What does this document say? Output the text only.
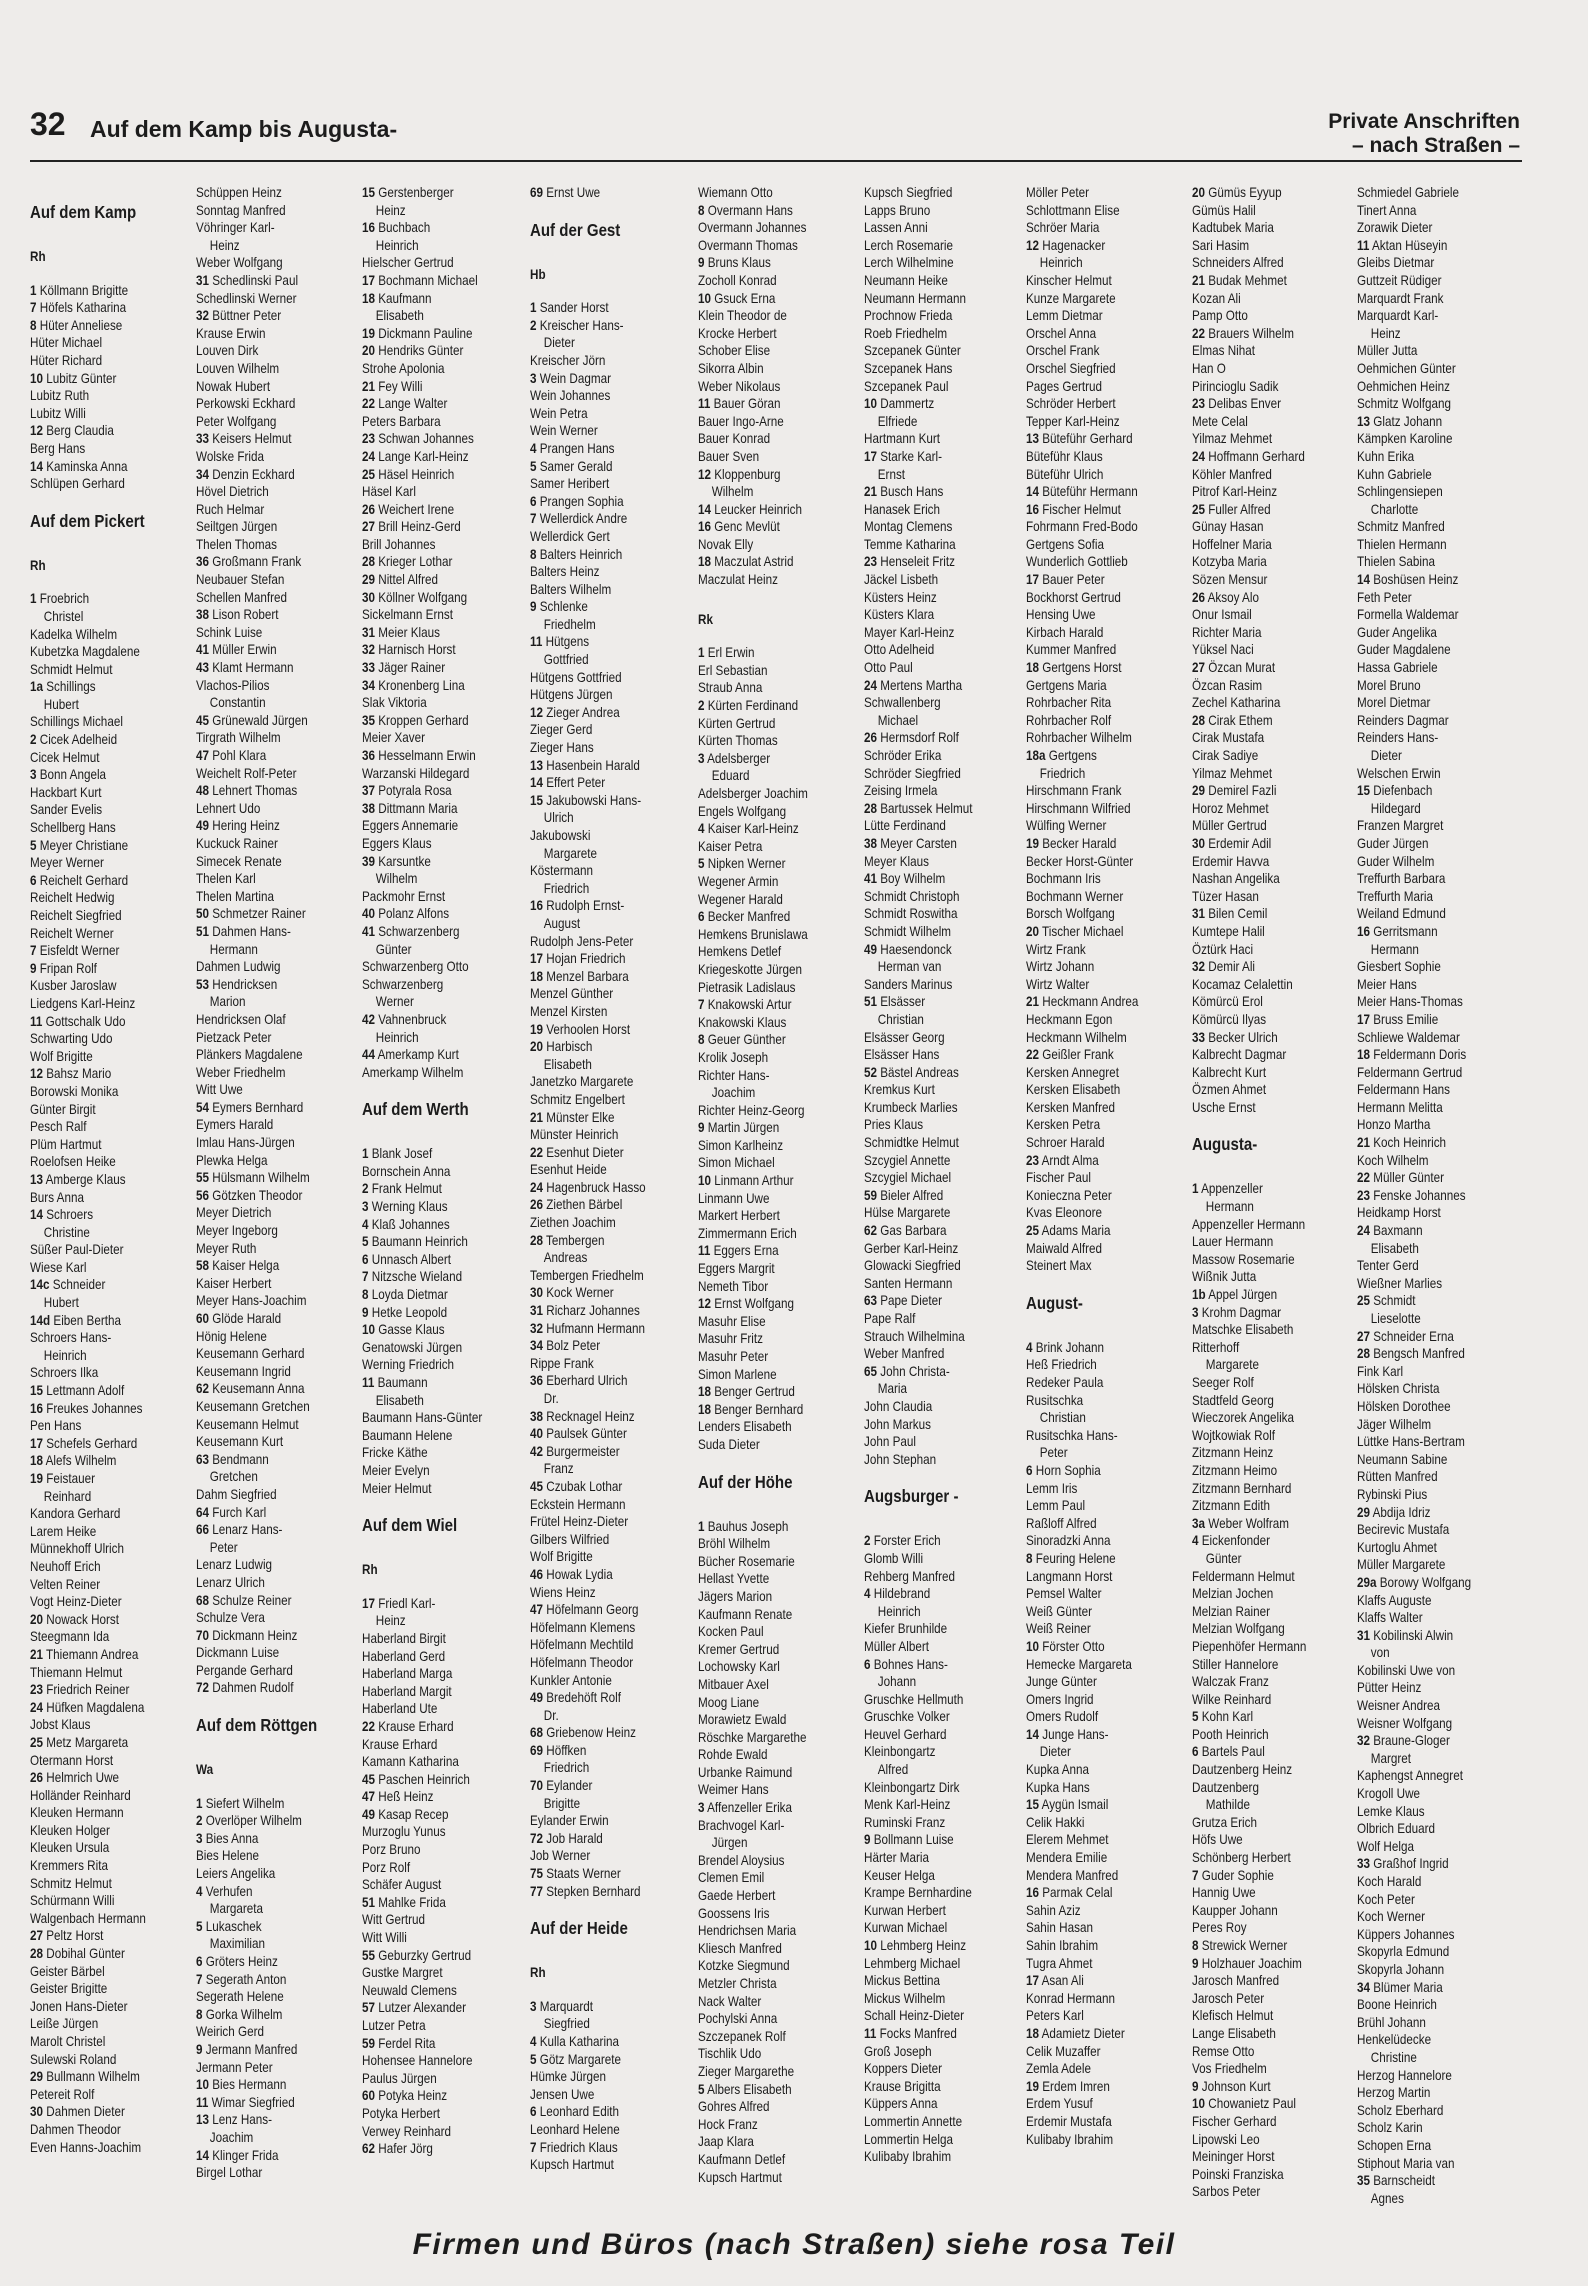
32 Auf dem Kamp bis Augusta-	Private Anschriften
– nach Straßen –
Auf dem Kamp
Rh
1 Köllmann Brigitte
7 Höfels Katharina
8 Hüter Anneliese
Hüter Michael
Hüter Richard
10 Lubitz Günter
Lubitz Ruth
Lubitz Willi
12 Berg Claudia
Berg Hans
14 Kaminska Anna
Schlüpen Gerhard
Auf dem Pickert
Rh
1 Froebrich
Christel
Kadelka Wilhelm
Kubetzka Magdalene
Schmidt Helmut
1a Schillings
Hubert
Schillings Michael
2 Cicek Adelheid
Cicek Helmut
3 Bonn Angela
Hackbart Kurt
Sander Evelis
Schellberg Hans
5 Meyer Christiane
Meyer Werner
6 Reichelt Gerhard
Reichelt Hedwig
Reichelt Siegfried
Reichelt Werner
7 Eisfeldt Werner
9 Fripan Rolf
Kusber Jaroslaw
Liedgens Karl-Heinz
11 Gottschalk Udo
Schwarting Udo
Wolf Brigitte
12 Bahsz Mario
Borowski Monika
Günter Birgit
Pesch Ralf
Plüm Hartmut
Roelofsen Heike
13 Amberge Klaus
Burs Anna
14 Schroers
Christine
Süßer Paul-Dieter
Wiese Karl
14c Schneider
Hubert
14d Eiben Bertha
Schroers Hans-
Heinrich
Schroers Ilka
15 Lettmann Adolf
16 Freukes Johannes
Pen Hans
17 Schefels Gerhard
18 Alefs Wilhelm
19 Feistauer
Reinhard
Kandora Gerhard
Larem Heike
Münnekhoff Ulrich
Neuhoff Erich
Velten Reiner
Vogt Heinz-Dieter
20 Nowack Horst
Steegmann Ida
21 Thiemann Andrea
Thiemann Helmut
23 Friedrich Reiner
24 Hüfken Magdalena
Jobst Klaus
25 Metz Margareta
Otermann Horst
26 Helmrich Uwe
Holländer Reinhard
Kleuken Hermann
Kleuken Holger
Kleuken Ursula
Kremmers Rita
Schmitz Helmut
Schürmann Willi
Walgenbach Hermann
27 Peltz Horst
28 Dobihal Günter
Geister Bärbel
Geister Brigitte
Jonen Hans-Dieter
Leiße Jürgen
Marolt Christel
Sulewski Roland
29 Bullmann Wilhelm
Petereit Rolf
30 Dahmen Dieter
Dahmen Theodor
Even Hanns-Joachim
Schüppen Heinz
Sonntag Manfred
Vöhringer Karl-
Heinz
Weber Wolfgang
31 Schedlinski Paul
Schedlinski Werner
32 Büttner Peter
Krause Erwin
Louven Dirk
Louven Wilhelm
Nowak Hubert
Perkowski Eckhard
Peter Wolfgang
33 Keisers Helmut
Wolske Frida
34 Denzin Eckhard
Hövel Dietrich
Ruch Helmar
Seiltgen Jürgen
Thelen Thomas
36 Großmann Frank
Neubauer Stefan
Schellen Manfred
38 Lison Robert
Schink Luise
41 Müller Erwin
43 Klamt Hermann
Vlachos-Pilios
Constantin
45 Grünewald Jürgen
Tirgrath Wilhelm
47 Pohl Klara
Weichelt Rolf-Peter
48 Lehnert Thomas
Lehnert Udo
49 Hering Heinz
Kuckuck Rainer
Simecek Renate
Thelen Karl
Thelen Martina
50 Schmetzer Rainer
51 Dahmen Hans-
Hermann
Dahmen Ludwig
53 Hendricksen
Marion
Hendricksen Olaf
Pietzack Peter
Plänkers Magdalene
Weber Friedhelm
Witt Uwe
54 Eymers Bernhard
Eymers Harald
Imlau Hans-Jürgen
Plewka Helga
55 Hülsmann Wilhelm
56 Götzken Theodor
Meyer Dietrich
Meyer Ingeborg
Meyer Ruth
58 Kaiser Helga
Kaiser Herbert
Meyer Hans-Joachim
60 Glöde Harald
Hönig Helene
Keusemann Gerhard
Keusemann Ingrid
62 Keusemann Anna
Keusemann Gretchen
Keusemann Helmut
Keusemann Kurt
63 Bendmann
Gretchen
Dahm Siegfried
64 Furch Karl
66 Lenarz Hans-
Peter
Lenarz Ludwig
Lenarz Ulrich
68 Schulze Reiner
Schulze Vera
70 Dickmann Heinz
Dickmann Luise
Pergande Gerhard
72 Dahmen Rudolf
Auf dem Röttgen
Wa
1 Siefert Wilhelm
2 Overlöper Wilhelm
3 Bies Anna
Bies Helene
Leiers Angelika
4 Verhufen
Margareta
5 Lukaschek
Maximilian
6 Gröters Heinz
7 Segerath Anton
Segerath Helene
8 Gorka Wilhelm
Weirich Gerd
9 Jermann Manfred
Jermann Peter
10 Bies Hermann
11 Wimar Siegfried
13 Lenz Hans-
Joachim
14 Klinger Frida
Birgel Lothar
15 Gerstenberger
Heinz
16 Buchbach
Heinrich
Hielscher Gertrud
17 Bochmann Michael
18 Kaufmann
Elisabeth
19 Dickmann Pauline
20 Hendriks Günter
Strohe Apolonia
21 Fey Willi
22 Lange Walter
Peters Barbara
23 Schwan Johannes
24 Lange Karl-Heinz
25 Häsel Heinrich
Häsel Karl
26 Weichert Irene
27 Brill Heinz-Gerd
Brill Johannes
28 Krieger Lothar
29 Nittel Alfred
30 Köllner Wolfgang
Sickelmann Ernst
31 Meier Klaus
32 Harnisch Horst
33 Jäger Rainer
34 Kronenberg Lina
Slak Viktoria
35 Kroppen Gerhard
Meier Xaver
36 Hesselmann Erwin
Warzanski Hildegard
37 Potyrala Rosa
38 Dittmann Maria
Eggers Annemarie
Eggers Klaus
39 Karsuntke
Wilhelm
Packmohr Ernst
40 Polanz Alfons
41 Schwarzenberg
Günter
Schwarzenberg Otto
Schwarzenberg
Werner
42 Vahnenbruck
Heinrich
44 Amerkamp Kurt
Amerkamp Wilhelm
Auf dem Werth
1 Blank Josef
Bornschein Anna
2 Frank Helmut
3 Werning Klaus
4 Klaß Johannes
5 Baumann Heinrich
6 Unnasch Albert
7 Nitzsche Wieland
8 Loyda Dietmar
9 Hetke Leopold
10 Gasse Klaus
Genatowski Jürgen
Werning Friedrich
11 Baumann
Elisabeth
Baumann Hans-Günter
Baumann Helene
Fricke Käthe
Meier Evelyn
Meier Helmut
Auf dem Wiel
Rh
17 Friedl Karl-
Heinz
Haberland Birgit
Haberland Gerd
Haberland Marga
Haberland Margit
Haberland Ute
22 Krause Erhard
Krause Erhard
Kamann Katharina
45 Paschen Heinrich
47 Heß Heinz
49 Kasap Recep
Murzoglu Yunus
Porz Bruno
Porz Rolf
Schäfer August
51 Mahlke Frida
Witt Gertrud
Witt Willi
55 Geburzky Gertrud
Gustke Margret
Neuwald Clemens
57 Lutzer Alexander
Lutzer Petra
59 Ferdel Rita
Hohensee Hannelore
Paulus Jürgen
60 Potyka Heinz
Potyka Herbert
Verwey Reinhard
62 Hafer Jörg
69 Ernst Uwe
Auf der Gest
Hb
1 Sander Horst
2 Kreischer Hans-
Dieter
Kreischer Jörn
3 Wein Dagmar
Wein Johannes
Wein Petra
Wein Werner
4 Prangen Hans
5 Samer Gerald
Samer Heribert
6 Prangen Sophia
7 Wellerdick Andre
Wellerdick Gert
8 Balters Heinrich
Balters Heinz
Balters Wilhelm
9 Schlenke
Friedhelm
11 Hütgens
Gottfried
Hütgens Gottfried
Hütgens Jürgen
12 Zieger Andrea
Zieger Gerd
Zieger Hans
13 Hasenbein Harald
14 Effert Peter
15 Jakubowski Hans-
Ulrich
Jakubowski
Margarete
Köstermann
Friedrich
16 Rudolph Ernst-
August
Rudolph Jens-Peter
17 Hojan Friedrich
18 Menzel Barbara
Menzel Günther
Menzel Kirsten
19 Verhoolen Horst
20 Harbisch
Elisabeth
Janetzko Margarete
Schmitz Engelbert
21 Münster Elke
Münster Heinrich
22 Esenhut Dieter
Esenhut Heide
24 Hagenbruck Hasso
26 Ziethen Bärbel
Ziethen Joachim
28 Tembergen
Andreas
Tembergen Friedhelm
30 Kock Werner
31 Richarz Johannes
32 Hufmann Hermann
34 Bolz Peter
Rippe Frank
36 Eberhard Ulrich
Dr.
38 Recknagel Heinz
40 Paulsek Günter
42 Burgermeister
Franz
45 Czubak Lothar
Eckstein Hermann
Frütel Heinz-Dieter
Gilbers Wilfried
Wolf Brigitte
46 Howak Lydia
Wiens Heinz
47 Höfelmann Georg
Höfelmann Klemens
Höfelmann Mechtild
Höfelmann Theodor
Kunkler Antonie
49 Bredehöft Rolf
Dr.
68 Griebenow Heinz
69 Höffken
Friedrich
70 Eylander
Brigitte
Eylander Erwin
72 Job Harald
Job Werner
75 Staats Werner
77 Stepken Bernhard
Auf der Heide
Rh
3 Marquardt
Siegfried
4 Kulla Katharina
5 Götz Margarete
Hümke Jürgen
Jensen Uwe
6 Leonhard Edith
Leonhard Helene
7 Friedrich Klaus
Kupsch Hartmut
Wiemann Otto
8 Overmann Hans
Overmann Johannes
Overmann Thomas
9 Bruns Klaus
Zocholl Konrad
10 Gsuck Erna
Klein Theodor de
Krocke Herbert
Schober Elise
Sikorra Albin
Weber Nikolaus
11 Bauer Göran
Bauer Ingo-Arne
Bauer Konrad
Bauer Sven
12 Kloppenburg
Wilhelm
14 Leucker Heinrich
16 Genc Mevlüt
Novak Elly
18 Maczulat Astrid
Maczulat Heinz
Rk
1 Erl Erwin
Erl Sebastian
Straub Anna
2 Kürten Ferdinand
Kürten Gertrud
Kürten Thomas
3 Adelsberger
Eduard
Adelsberger Joachim
Engels Wolfgang
4 Kaiser Karl-Heinz
Kaiser Petra
5 Nipken Werner
Wegener Armin
Wegener Harald
6 Becker Manfred
Hemkens Brunislawa
Hemkens Detlef
Kriegeskotte Jürgen
Pietrasik Ladislaus
7 Knakowski Artur
Knakowski Klaus
8 Geuer Günther
Krolik Joseph
Richter Hans-
Joachim
Richter Heinz-Georg
9 Martin Jürgen
Simon Karlheinz
Simon Michael
10 Linmann Arthur
Linmann Uwe
Markert Herbert
Zimmermann Erich
11 Eggers Erna
Eggers Margrit
Nemeth Tibor
12 Ernst Wolfgang
Masuhr Elise
Masuhr Fritz
Masuhr Peter
Simon Marlene
18 Benger Gertrud
18 Benger Bernhard
Lenders Elisabeth
Suda Dieter
Auf der Höhe
1 Bauhus Joseph
Bröhl Wilhelm
Bücher Rosemarie
Hellast Yvette
Jägers Marion
Kaufmann Renate
Kocken Paul
Kremer Gertrud
Lochowsky Karl
Mitbauer Axel
Moog Liane
Morawietz Ewald
Röschke Margarethe
Rohde Ewald
Urbanke Raimund
Weimer Hans
3 Affenzeller Erika
Brachvogel Karl-
Jürgen
Brendel Aloysius
Clemen Emil
Gaede Herbert
Goossens Iris
Hendrichsen Maria
Kliesch Manfred
Kotzke Siegmund
Metzler Christa
Nack Walter
Pochylski Anna
Szczepanek Rolf
Tischlik Udo
Zieger Margarethe
5 Albers Elisabeth
Gohres Alfred
Hock Franz
Jaap Klara
Kaufmann Detlef
Kupsch Hartmut
Kupsch Siegfried
Lapps Bruno
Lassen Anni
Lerch Rosemarie
Lerch Wilhelmine
Neumann Heike
Neumann Hermann
Prochnow Frieda
Roeb Friedhelm
Szcepanek Günter
Szcepanek Hans
Szcepanek Paul
10 Dammertz
Elfriede
Hartmann Kurt
17 Starke Karl-
Ernst
21 Busch Hans
Hanasek Erich
Montag Clemens
Temme Katharina
23 Henseleit Fritz
Jäckel Lisbeth
Küsters Heinz
Küsters Klara
Mayer Karl-Heinz
Otto Adelheid
Otto Paul
24 Mertens Martha
Schwallenberg
Michael
26 Hermsdorf Rolf
Schröder Erika
Schröder Siegfried
Zeising Irmela
28 Bartussek Helmut
Lütte Ferdinand
38 Meyer Carsten
Meyer Klaus
41 Boy Wilhelm
Schmidt Christoph
Schmidt Roswitha
Schmidt Wilhelm
49 Haesendonck
Herman van
Sanders Marinus
51 Elsässer
Christian
Elsässer Georg
Elsässer Hans
52 Bästel Andreas
Kremkus Kurt
Krumbeck Marlies
Pries Klaus
Schmidtke Helmut
Szcygiel Annette
Szcygiel Michael
59 Bieler Alfred
Hülse Margarete
62 Gas Barbara
Gerber Karl-Heinz
Glowacki Siegfried
Santen Hermann
63 Pape Dieter
Pape Ralf
Strauch Wilhelmina
Weber Manfred
65 John Christa-
Maria
John Claudia
John Markus
John Paul
John Stephan
Augsburger -
2 Forster Erich
Glomb Willi
Rehberg Manfred
4 Hildebrand
Heinrich
Kiefer Brunhilde
Müller Albert
6 Bohnes Hans-
Johann
Gruschke Hellmuth
Gruschke Volker
Heuvel Gerhard
Kleinbongartz
Alfred
Kleinbongartz Dirk
Menk Karl-Heinz
Ruminski Franz
9 Bollmann Luise
Härter Maria
Keuser Helga
Krampe Bernhardine
Kurwan Herbert
Kurwan Michael
10 Lehmberg Heinz
Lehmberg Michael
Mickus Bettina
Mickus Wilhelm
Schall Heinz-Dieter
11 Focks Manfred
Groß Joseph
Koppers Dieter
Krause Brigitta
Küppers Anna
Lommertin Annette
Lommertin Helga
Kulibaby Ibrahim
Möller Peter
Schlottmann Elise
Schröer Maria
12 Hagenacker
Heinrich
Kinscher Helmut
Kunze Margarete
Lemm Dietmar
Orschel Anna
Orschel Frank
Orschel Siegfried
Pages Gertrud
Schröder Herbert
Tepper Karl-Heinz
13 Büteführ Gerhard
Büteführ Klaus
Büteführ Ulrich
14 Büteführ Hermann
16 Fischer Helmut
Fohrmann Fred-Bodo
Gertgens Sofia
Wunderlich Gottlieb
17 Bauer Peter
Bockhorst Gertrud
Hensing Uwe
Kirbach Harald
Kummer Manfred
18 Gertgens Horst
Gertgens Maria
Rohrbacher Rita
Rohrbacher Rolf
Rohrbacher Wilhelm
18a Gertgens
Friedrich
Hirschmann Frank
Hirschmann Wilfried
Wülfing Werner
19 Becker Harald
Becker Horst-Günter
Bochmann Iris
Bochmann Werner
Borsch Wolfgang
20 Tischer Michael
Wirtz Frank
Wirtz Johann
Wirtz Walter
21 Heckmann Andrea
Heckmann Egon
Heckmann Wilhelm
22 Geißler Frank
Kersken Annegret
Kersken Elisabeth
Kersken Manfred
Kersken Petra
Schroer Harald
23 Arndt Alma
Fischer Paul
Konieczna Peter
Kvas Eleonore
25 Adams Maria
Maiwald Alfred
Steinert Max
August-
4 Brink Johann
Heß Friedrich
Redeker Paula
Rusitschka
Christian
Rusitschka Hans-
Peter
6 Horn Sophia
Lemm Iris
Lemm Paul
Raßloff Alfred
Sinoradzki Anna
8 Feuring Helene
Langmann Horst
Pemsel Walter
Weiß Günter
Weiß Reiner
10 Förster Otto
Hemecke Margareta
Junge Günter
Omers Ingrid
Omers Rudolf
14 Junge Hans-
Dieter
Kupka Anna
Kupka Hans
15 Aygün Ismail
Celik Hakki
Elerem Mehmet
Mendera Emilie
Mendera Manfred
16 Parmak Celal
Sahin Aziz
Sahin Hasan
Sahin Ibrahim
Tugra Ahmet
17 Asan Ali
Konrad Hermann
Peters Karl
18 Adamietz Dieter
Celik Muzaffer
Zemla Adele
19 Erdem Imren
Erdem Yusuf
Erdemir Mustafa
Kulibaby Ibrahim
20 Gümüs Eyyup
Gümüs Halil
Kadtubek Maria
Sari Hasim
Schneiders Alfred
21 Budak Mehmet
Kozan Ali
Pamp Otto
22 Brauers Wilhelm
Elmas Nihat
Han O
Pirincioglu Sadik
23 Delibas Enver
Mete Celal
Yilmaz Mehmet
24 Hoffmann Gerhard
Köhler Manfred
Pitrof Karl-Heinz
25 Fuller Alfred
Günay Hasan
Hoffelner Maria
Kotzyba Maria
Sözen Mensur
26 Aksoy Alo
Onur Ismail
Richter Maria
Yüksel Naci
27 Özcan Murat
Özcan Rasim
Zechel Katharina
28 Cirak Ethem
Cirak Mustafa
Cirak Sadiye
Yilmaz Mehmet
29 Demirel Fazli
Horoz Mehmet
Müller Gertrud
30 Erdemir Adil
Erdemir Havva
Nashan Angelika
Tüzer Hasan
31 Bilen Cemil
Kumtepe Halil
Öztürk Haci
32 Demir Ali
Kocamaz Celalettin
Kömürcü Erol
Kömürcü Ilyas
33 Becker Ulrich
Kalbrecht Dagmar
Kalbrecht Kurt
Özmen Ahmet
Usche Ernst
Augusta-
1 Appenzeller
Hermann
Appenzeller Hermann
Lauer Hermann
Massow Rosemarie
Wißnik Jutta
1b Appel Jürgen
3 Krohm Dagmar
Matschke Elisabeth
Ritterhoff
Margarete
Seeger Rolf
Stadtfeld Georg
Wieczorek Angelika
Wojtkowiak Rolf
Zitzmann Heinz
Zitzmann Heimo
Zitzmann Bernhard
Zitzmann Edith
3a Weber Wolfram
4 Eickenfonder
Günter
Feldermann Helmut
Melzian Jochen
Melzian Rainer
Melzian Wolfgang
Piepenhöfer Hermann
Stiller Hannelore
Walczak Franz
Wilke Reinhard
5 Kohn Karl
Pooth Heinrich
6 Bartels Paul
Dautzenberg Heinz
Dautzenberg
Mathilde
Grutza Erich
Höfs Uwe
Schönberg Herbert
7 Guder Sophie
Hannig Uwe
Kaupper Johann
Peres Roy
8 Strewick Werner
9 Holzhauer Joachim
Jarosch Manfred
Jarosch Peter
Klefisch Helmut
Lange Elisabeth
Remse Otto
Vos Friedhelm
9 Johnson Kurt
10 Chowanietz Paul
Fischer Gerhard
Lipowski Leo
Meininger Horst
Poinski Franziska
Sarbos Peter
Schmiedel Gabriele
Tinert Anna
Zorawik Dieter
11 Aktan Hüseyin
Gleibs Dietmar
Guttzeit Rüdiger
Marquardt Frank
Marquardt Karl-
Heinz
Müller Jutta
Oehmichen Günter
Oehmichen Heinz
Schmitz Wolfgang
13 Glatz Johann
Kämpken Karoline
Kuhn Erika
Kuhn Gabriele
Schlingensiepen
Charlotte
Schmitz Manfred
Thielen Hermann
Thielen Sabina
14 Boshüsen Heinz
Feth Peter
Formella Waldemar
Guder Angelika
Guder Magdalene
Hassa Gabriele
Morel Bruno
Morel Dietmar
Reinders Dagmar
Reinders Hans-
Dieter
Welschen Erwin
15 Diefenbach
Hildegard
Franzen Margret
Guder Jürgen
Guder Wilhelm
Treffurth Barbara
Treffurth Maria
Weiland Edmund
16 Gerritsmann
Hermann
Giesbert Sophie
Meier Hans
Meier Hans-Thomas
17 Bruss Emilie
Schliewe Waldemar
18 Feldermann Doris
Feldermann Gertrud
Feldermann Hans
Hermann Melitta
Honzo Martha
21 Koch Heinrich
Koch Wilhelm
22 Müller Günter
23 Fenske Johannes
Heidkamp Horst
24 Baxmann
Elisabeth
Tenter Gerd
Wießner Marlies
25 Schmidt
Lieselotte
27 Schneider Erna
28 Bengsch Manfred
Fink Karl
Hölsken Christa
Hölsken Dorothee
Jäger Wilhelm
Lüttke Hans-Bertram
Neumann Sabine
Rütten Manfred
Rybinski Pius
29 Abdija Idriz
Becirevic Mustafa
Kurtoglu Ahmet
Müller Margarete
29a Borowy Wolfgang
Klaffs Auguste
Klaffs Walter
31 Kobilinski Alwin
von
Kobilinski Uwe von
Pütter Heinz
Weisner Andrea
Weisner Wolfgang
32 Braune-Gloger
Margret
Kaphengst Annegret
Krogoll Uwe
Lemke Klaus
Olbrich Eduard
Wolf Helga
33 Graßhof Ingrid
Koch Harald
Koch Peter
Koch Werner
Küppers Johannes
Skopyrla Edmund
Skopyrla Johann
34 Blümer Maria
Boone Heinrich
Brühl Johann
Henkelüdecke
Christine
Herzog Hannelore
Herzog Martin
Scholz Eberhard
Scholz Karin
Schopen Erna
Stiphout Maria van
35 Barnscheidt
Agnes
Firmen und Büros (nach Straßen) siehe rosa Teil
